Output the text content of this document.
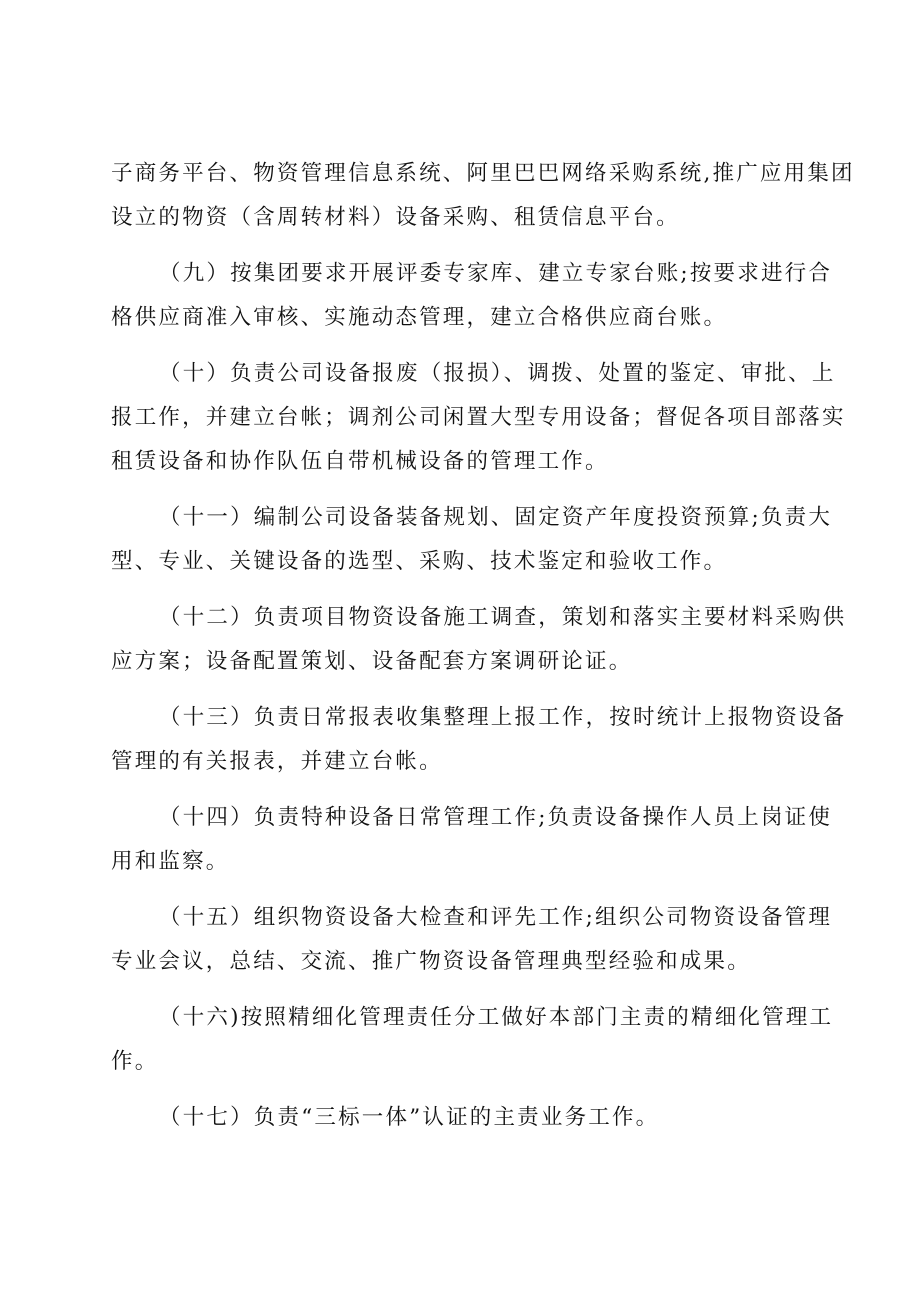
子商务平台、物资管理信息系统、阿里巴巴网络采购系统,推广应用集团
设立的物资（含周转材料）设备采购、租赁信息平台。

（九）按集团要求开展评委专家库、建立专家台账;按要求进行合
格供应商准入审核、实施动态管理，建立合格供应商台账。

（十）负责公司设备报废（报损）、调拨、处置的鉴定、审批、上
报工作，并建立台帐；调剂公司闲置大型专用设备；督促各项目部落实
租赁设备和协作队伍自带机械设备的管理工作。

（十一）编制公司设备装备规划、固定资产年度投资预算;负责大
型、专业、关键设备的选型、采购、技术鉴定和验收工作。

（十二）负责项目物资设备施工调查，策划和落实主要材料采购供
应方案；设备配置策划、设备配套方案调研论证。

（十三）负责日常报表收集整理上报工作，按时统计上报物资设备
管理的有关报表，并建立台帐。

（十四）负责特种设备日常管理工作;负责设备操作人员上岗证使
用和监察。

（十五）组织物资设备大检查和评先工作;组织公司物资设备管理
专业会议，总结、交流、推广物资设备管理典型经验和成果。

（十六)按照精细化管理责任分工做好本部门主责的精细化管理工
作。

（十七）负责“三标一体”认证的主责业务工作。
